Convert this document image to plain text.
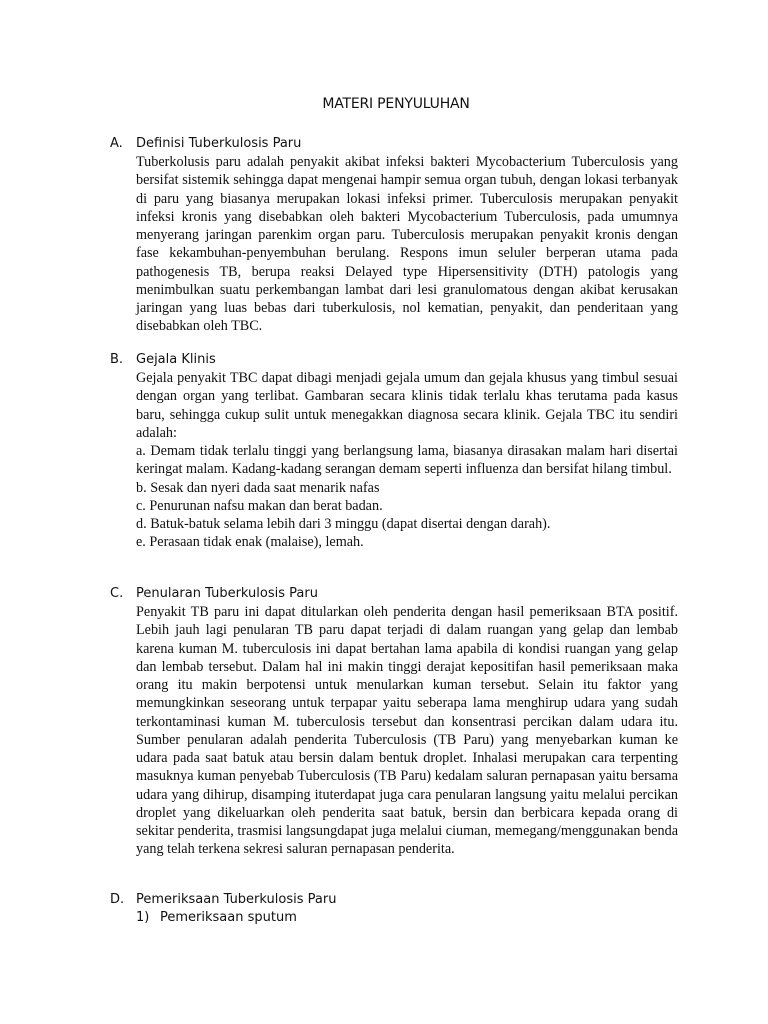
MATERI PENYULUHAN
A. Definisi Tuberkulosis Paru

Tuberkolusis paru adalah penyakit akibat infeksi bakteri Mycobacterium Tuberculosis yang bersifat sistemik sehingga dapat mengenai hampir semua organ tubuh, dengan lokasi terbanyak di paru yang biasanya merupakan lokasi infeksi primer. Tuberculosis merupakan penyakit infeksi kronis yang disebabkan oleh bakteri Mycobacterium Tuberculosis, pada umumnya menyerang jaringan parenkim organ paru. Tuberculosis merupakan penyakit kronis dengan fase kekambuhan-penyembuhan berulang. Respons imun seluler berperan utama pada pathogenesis TB, berupa reaksi Delayed type Hipersensitivity (DTH) patologis yang menimbulkan suatu perkembangan lambat dari lesi granulomatous dengan akibat kerusakan jaringan yang luas bebas dari tuberkulosis, nol kematian, penyakit, dan penderitaan yang disebabkan oleh TBC.

B. Gejala Klinis

Gejala penyakit TBC dapat dibagi menjadi gejala umum dan gejala khusus yang timbul sesuai dengan organ yang terlibat. Gambaran secara klinis tidak terlalu khas terutama pada kasus baru, sehingga cukup sulit untuk menegakkan diagnosa secara klinik. Gejala TBC itu sendiri adalah:

a. Demam tidak terlalu tinggi yang berlangsung lama, biasanya dirasakan malam hari disertai keringat malam. Kadang-kadang serangan demam seperti influenza dan bersifat hilang timbul.

b. Sesak dan nyeri dada saat menarik nafas

c. Penurunan nafsu makan dan berat badan.

d. Batuk-batuk selama lebih dari 3 minggu (dapat disertai dengan darah).

e. Perasaan tidak enak (malaise), lemah.

C. Penularan Tuberkulosis Paru

Penyakit TB paru ini dapat ditularkan oleh penderita dengan hasil pemeriksaan BTA positif. Lebih jauh lagi penularan TB paru dapat terjadi di dalam ruangan yang gelap dan lembab karena kuman M. tuberculosis ini dapat bertahan lama apabila di kondisi ruangan yang gelap dan lembab tersebut. Dalam hal ini makin tinggi derajat kepositifan hasil pemeriksaan maka orang itu makin berpotensi untuk menularkan kuman tersebut. Selain itu faktor yang memungkinkan seseorang untuk terpapar yaitu seberapa lama menghirup udara yang sudah terkontaminasi kuman M. tuberculosis tersebut dan konsentrasi percikan dalam udara itu. Sumber penularan adalah penderita Tuberculosis (TB Paru) yang menyebarkan kuman ke udara pada saat batuk atau bersin dalam bentuk droplet. Inhalasi merupakan cara terpenting masuknya kuman penyebab Tuberculosis (TB Paru) kedalam saluran pernapasan yaitu bersama udara yang dihirup, disamping ituterdapat juga cara penularan langsung yaitu melalui percikan droplet yang dikeluarkan oleh penderita saat batuk, bersin dan berbicara kepada orang di sekitar penderita, trasmisi langsungdapat juga melalui ciuman, memegang/menggunakan benda yang telah terkena sekresi saluran pernapasan penderita.

D. Pemeriksaan Tuberkulosis Paru
1) Pemeriksaan sputum
